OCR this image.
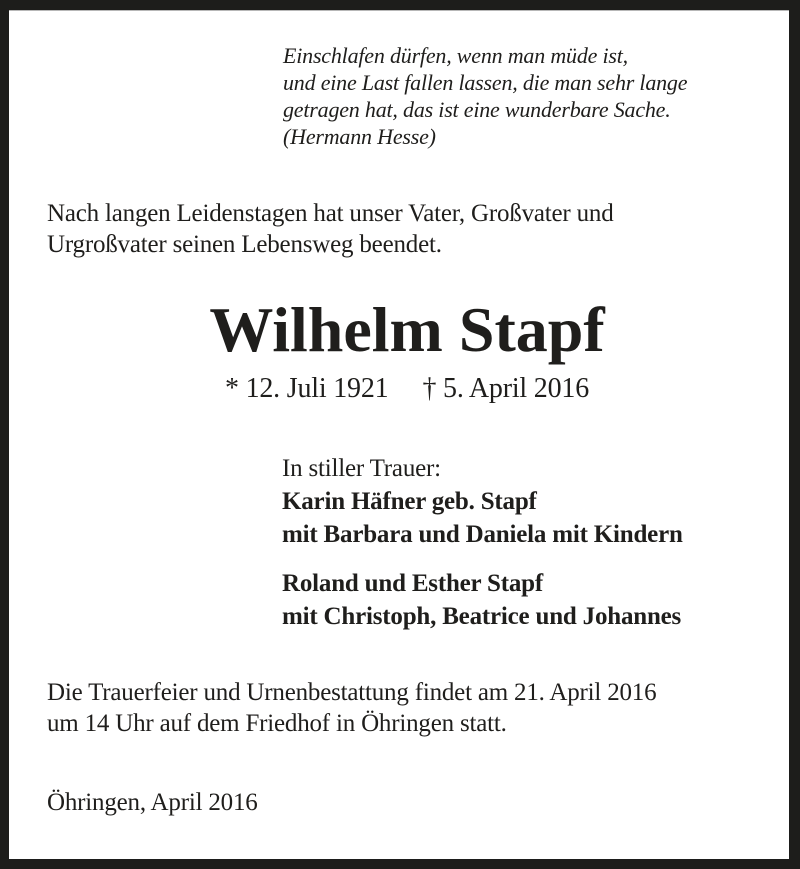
Einschlafen dürfen, wenn man müde ist,
und eine Last fallen lassen, die man sehr lange
getragen hat, das ist eine wunderbare Sache.
(Hermann Hesse)
Nach langen Leidenstagen hat unser Vater, Großvater und
Urgroßvater seinen Lebensweg beendet.
Wilhelm Stapf
* 12. Juli 1921 † 5. April 2016
In stiller Trauer:
Karin Häfner geb. Stapf
mit Barbara und Daniela mit Kindern
Roland und Esther Stapf
mit Christoph, Beatrice und Johannes
Die Trauerfeier und Urnenbestattung findet am 21. April 2016
um 14 Uhr auf dem Friedhof in Öhringen statt.
Öhringen, April 2016
